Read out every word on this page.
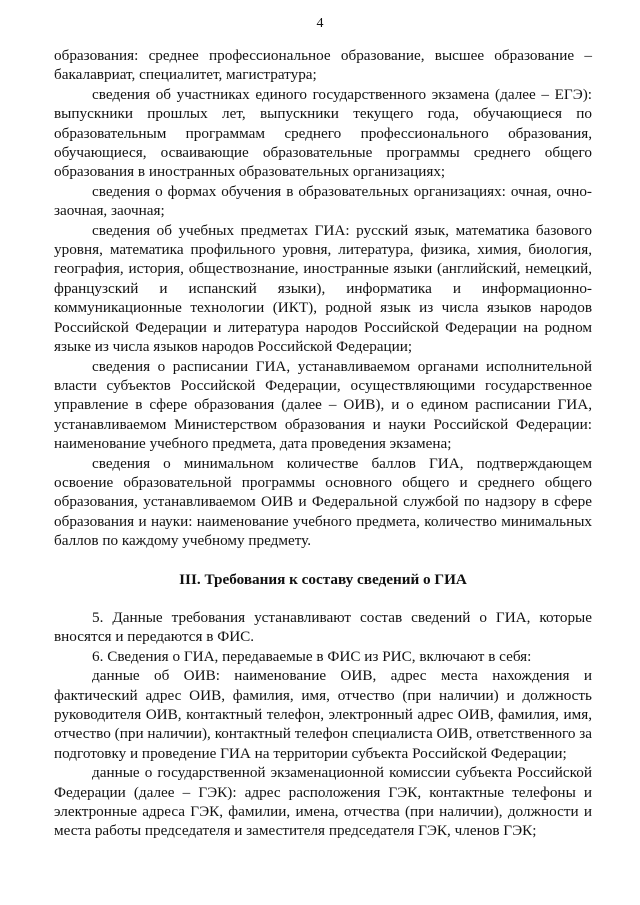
4

образования: среднее профессиональное образование, высшее образование – бакалавриат, специалитет, магистратура;

сведения об участниках единого государственного экзамена (далее – ЕГЭ): выпускники прошлых лет, выпускники текущего года, обучающиеся по образовательным программам среднего профессионального образования, обучающиеся, осваивающие образовательные программы среднего общего образования в иностранных образовательных организациях;

сведения о формах обучения в образовательных организациях: очная, очно-заочная, заочная;

сведения об учебных предметах ГИА: русский язык, математика базового уровня, математика профильного уровня, литература, физика, химия, биология, география, история, обществознание, иностранные языки (английский, немецкий, французский и испанский языки), информатика и информационно-коммуникационные технологии (ИКТ), родной язык из числа языков народов Российской Федерации и литература народов Российской Федерации на родном языке из числа языков народов Российской Федерации;

сведения о расписании ГИА, устанавливаемом органами исполнительной власти субъектов Российской Федерации, осуществляющими государственное управление в сфере образования (далее – ОИВ), и о едином расписании ГИА, устанавливаемом Министерством образования и науки Российской Федерации: наименование учебного предмета, дата проведения экзамена;

сведения о минимальном количестве баллов ГИА, подтверждающем освоение образовательной программы основного общего и среднего общего образования, устанавливаемом ОИВ и Федеральной службой по надзору в сфере образования и науки: наименование учебного предмета, количество минимальных баллов по каждому учебному предмету.

III. Требования к составу сведений о ГИА

5. Данные требования устанавливают состав сведений о ГИА, которые вносятся и передаются в ФИС.

6. Сведения о ГИА, передаваемые в ФИС из РИС, включают в себя:

данные об ОИВ: наименование ОИВ, адрес места нахождения и фактический адрес ОИВ, фамилия, имя, отчество (при наличии) и должность руководителя ОИВ, контактный телефон, электронный адрес ОИВ, фамилия, имя, отчество (при наличии), контактный телефон специалиста ОИВ, ответственного за подготовку и проведение ГИА на территории субъекта Российской Федерации;

данные о государственной экзаменационной комиссии субъекта Российской Федерации (далее – ГЭК): адрес расположения ГЭК, контактные телефоны и электронные адреса ГЭК, фамилии, имена, отчества (при наличии), должности и места работы председателя и заместителя председателя ГЭК, членов ГЭК;
